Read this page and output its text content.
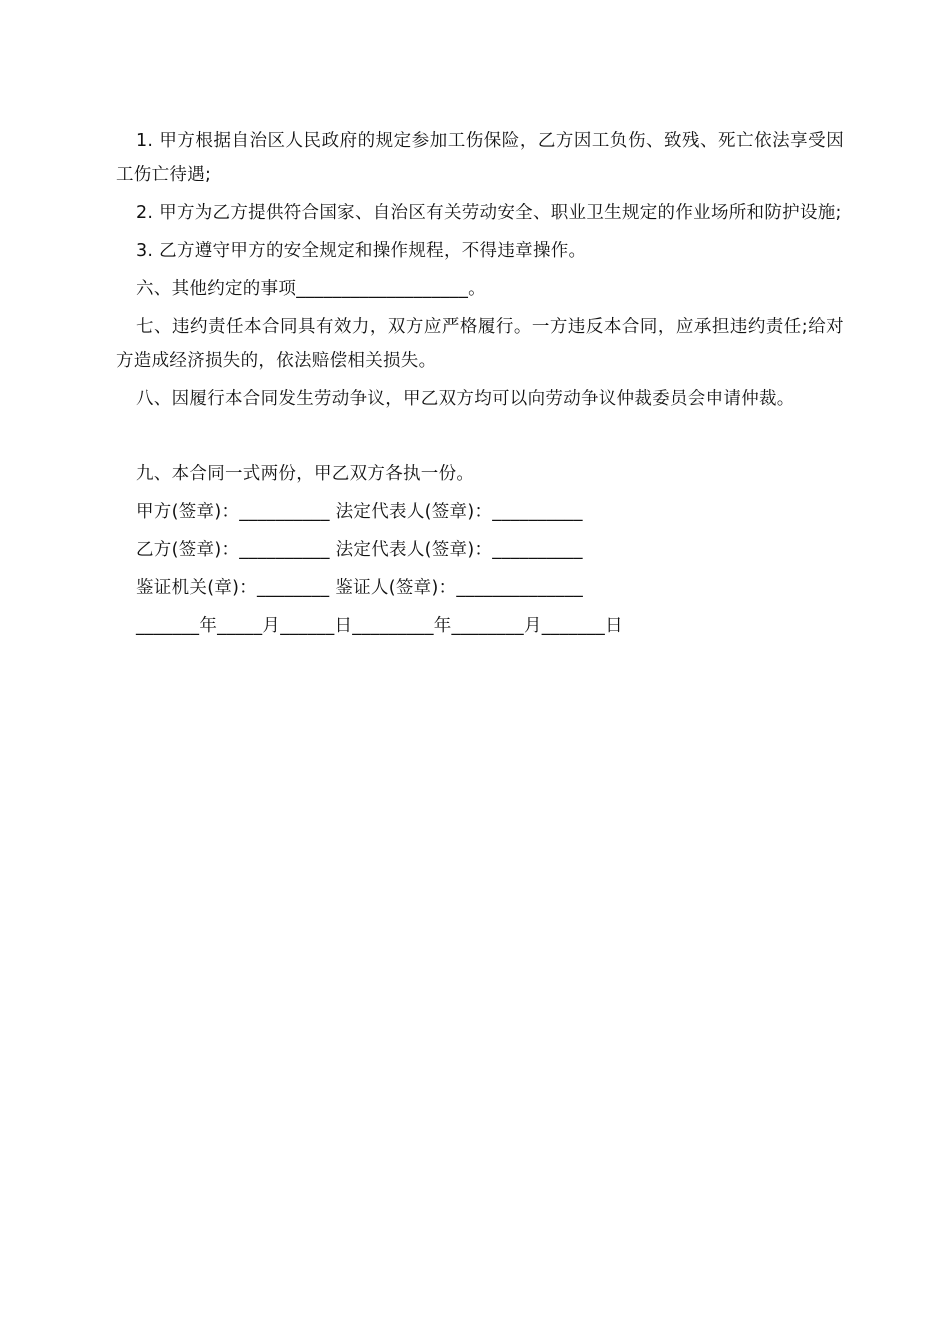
1. 甲方根据自治区人民政府的规定参加工伤保险，乙方因工负伤、致残、死亡依法享受因工伤亡待遇;

2. 甲方为乙方提供符合国家、自治区有关劳动安全、职业卫生规定的作业场所和防护设施;

3. 乙方遵守甲方的安全规定和操作规程，不得违章操作。

六、其他约定的事项___________________。

七、违约责任本合同具有效力，双方应严格履行。一方违反本合同，应承担违约责任;给对方造成经济损失的，依法赔偿相关损失。

八、因履行本合同发生劳动争议，甲乙双方均可以向劳动争议仲裁委员会申请仲裁。

九、本合同一式两份，甲乙双方各执一份。

甲方(签章)：__________ 法定代表人(签章)：__________
乙方(签章)：__________ 法定代表人(签章)：__________
鉴证机关(章)：________ 鉴证人(签章)：______________
_______年_____月______日_________年________月_______日
